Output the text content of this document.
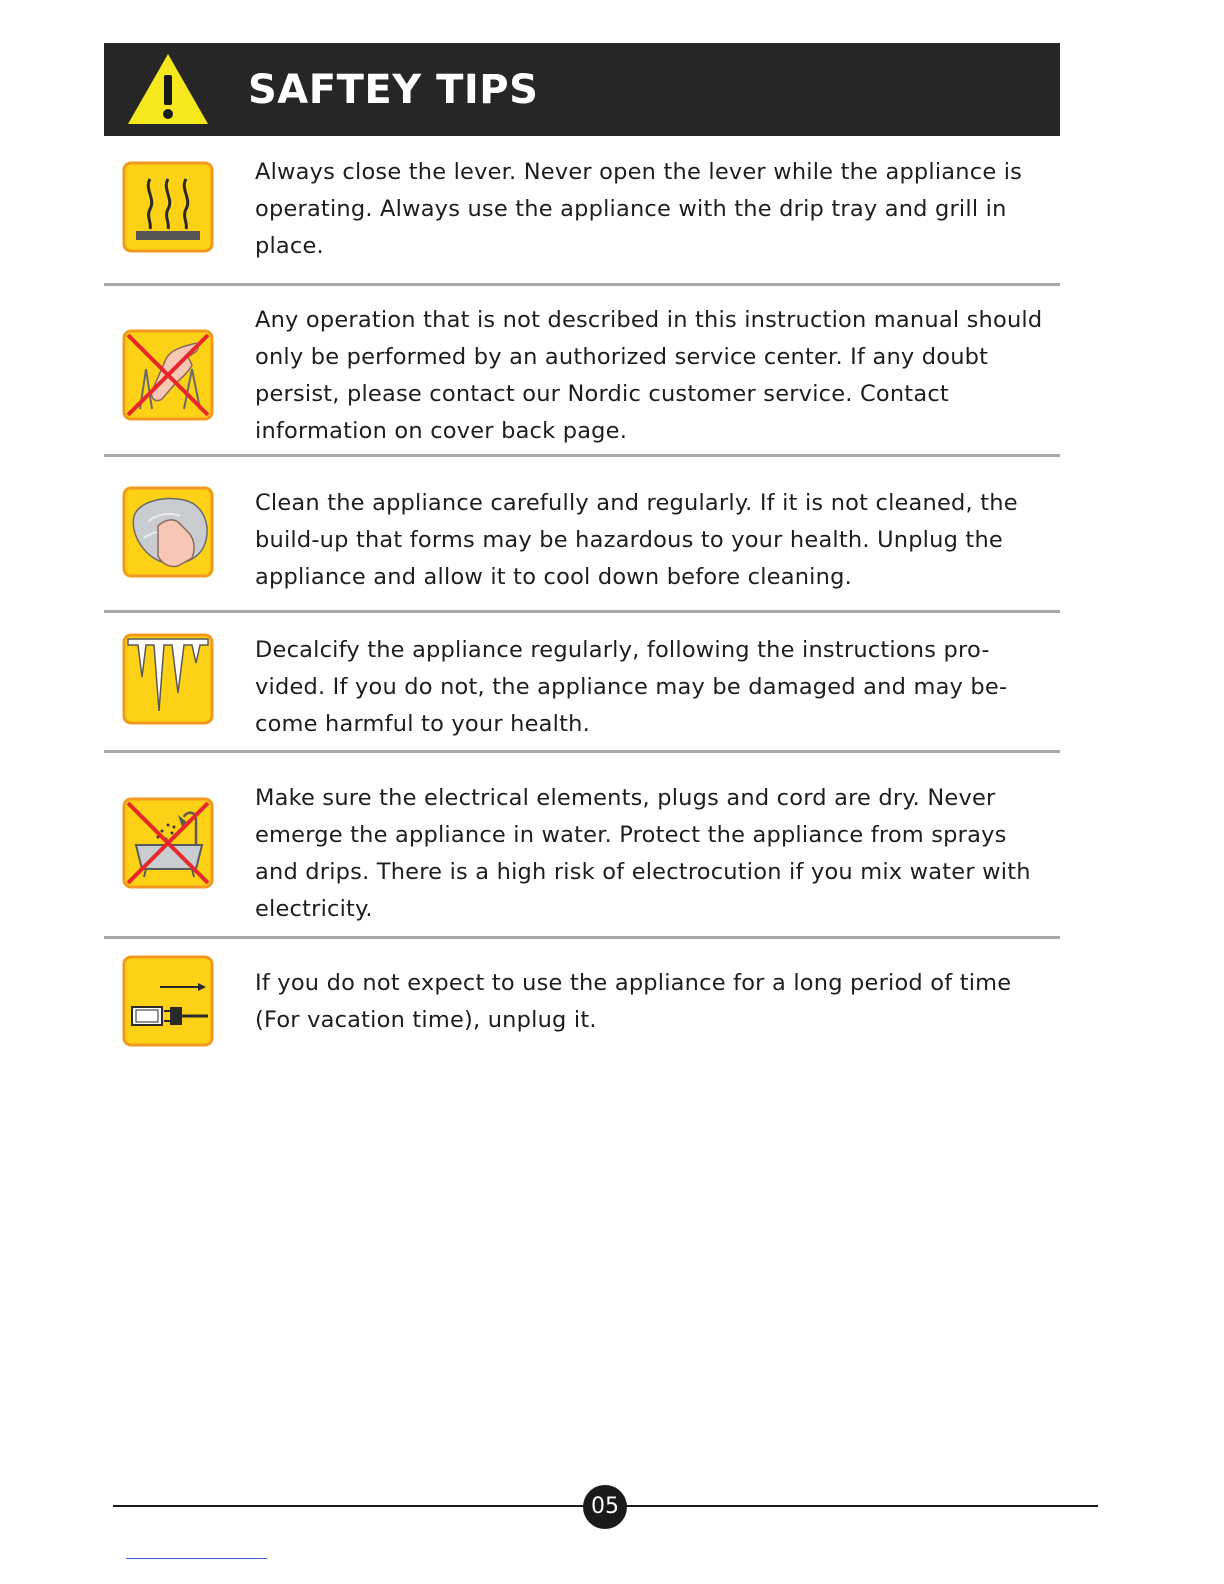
SAFTEY TIPS

Always close the lever. Never open the lever while the appliance is operating. Always use the appliance with the drip tray and grill in place.

Any operation that is not described in this instruction manual should only be performed by an authorized service center. If any doubt persist, please contact our Nordic customer service. Contact information on cover back page.

Clean the appliance carefully and regularly. If it is not cleaned, the build-up that forms may be hazardous to your health. Unplug the appliance and allow it to cool down before cleaning.

Decalcify the appliance regularly, following the instructions pro- vided. If you do not, the appliance may be damaged and may be- come harmful to your health.

Make sure the electrical elements, plugs and cord are dry. Never emerge the appliance in water. Protect the appliance from sprays and drips. There is a high risk of electrocution if you mix water with electricity.

If you do not expect to use the appliance for a long period of time (For vacation time), unplug it.

05
